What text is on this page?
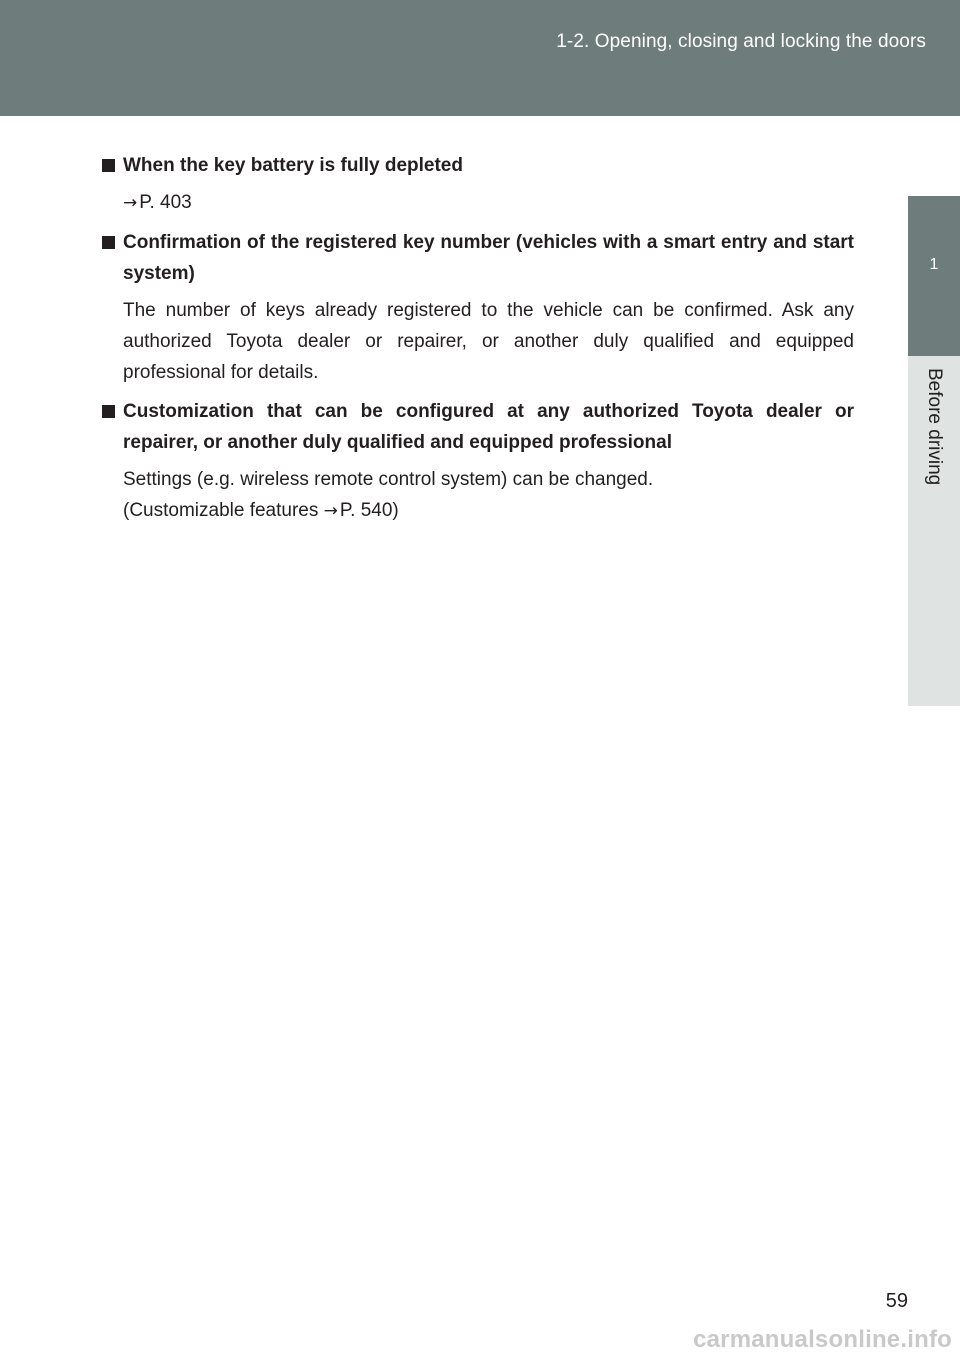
1-2. Opening, closing and locking the doors
1
Before driving
When the key battery is fully depleted
→ P. 403
Confirmation of the registered key number (vehicles with a smart entry and start system)
The number of keys already registered to the vehicle can be confirmed. Ask any authorized Toyota dealer or repairer, or another duly qualified and equipped professional for details.
Customization that can be configured at any authorized Toyota dealer or repairer, or another duly qualified and equipped professional
Settings (e.g. wireless remote control system) can be changed.
(Customizable features → P. 540)
59
carmanualsonline.info
